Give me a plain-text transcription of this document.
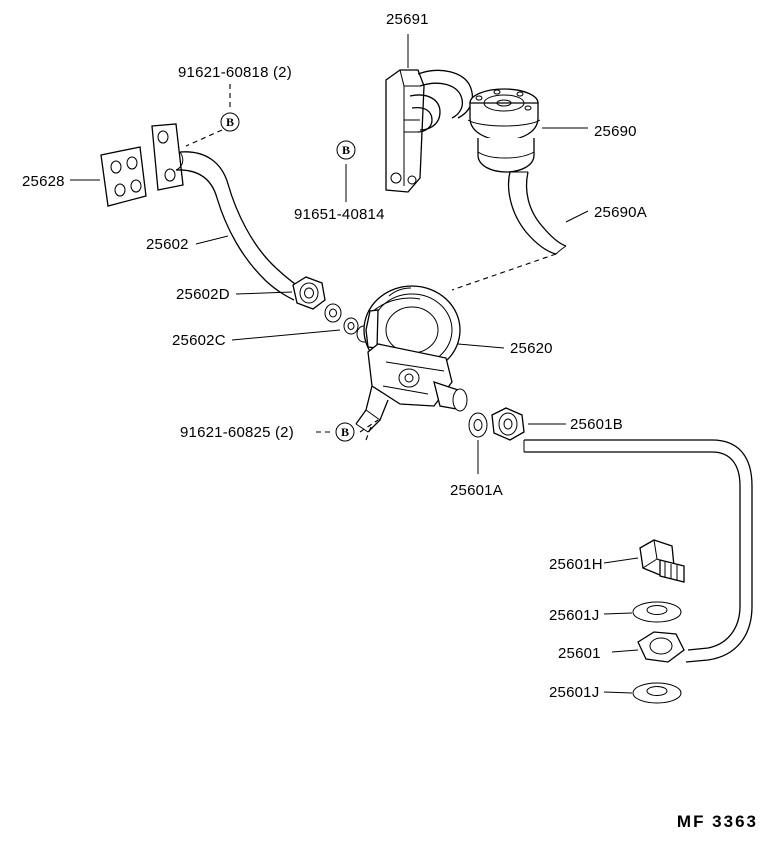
B
B
B
25691
91621-60818 (2)
25690
25628
91651-40814	25690A
25602
25602D
25602C	25620
91621-60825 (2)	25601B
25601A
25601H
25601J
25601
25601J
MF 3363
